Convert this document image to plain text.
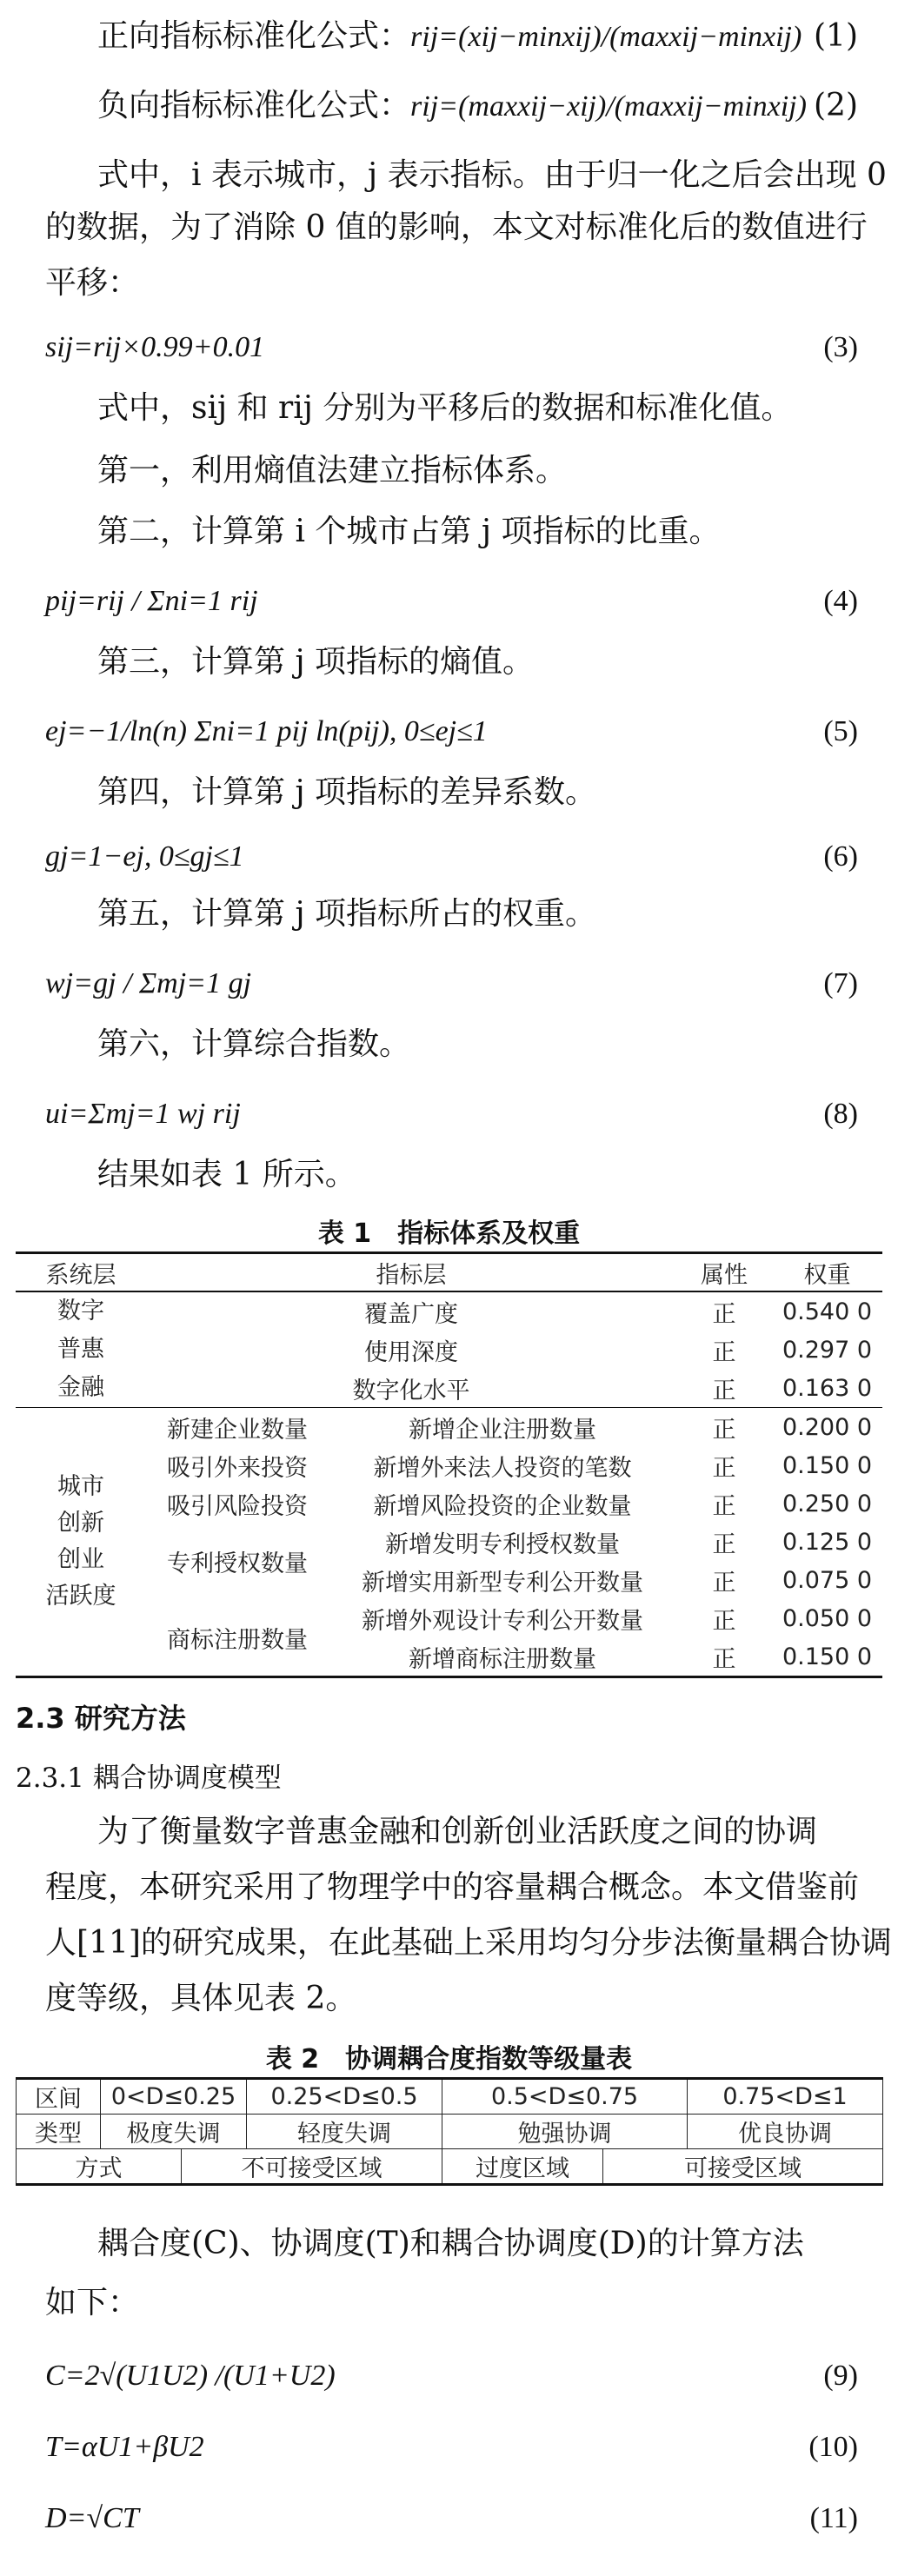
正向指标标准化公式：rij=(xij−minxij)/(maxxij−minxij) (1)
负向指标标准化公式：rij=(maxxij−xij)/(maxxij−minxij) (2)
式中，i 表示城市，j 表示指标。由于归一化之后会出现 0
的数据，为了消除 0 值的影响，本文对标准化后的数值进行
平移：
sij=rij×0.99+0.01	(3)
式中，sij 和 rij 分别为平移后的数据和标准化值。
第一，利用熵值法建立指标体系。
第二，计算第 i 个城市占第 j 项指标的比重。
pij=rij / Σni=1 rij	(4)
第三，计算第 j 项指标的熵值。
ej=−1/ln(n) Σni=1 pij ln(pij), 0≤ej≤1	(5)
第四，计算第 j 项指标的差异系数。
gj=1−ej, 0≤gj≤1	(6)
第五，计算第 j 项指标所占的权重。
wj=gj / Σmj=1 gj	(7)
第六，计算综合指数。
ui=Σmj=1 wj rij	(8)
结果如表 1 所示。
表 1　指标体系及权重
系统层	指标层		属性	权重

数字
普惠
金融	覆盖广度		正	0.540 0
	使用深度		正	0.297 0
	数字化水平		正	0.163 0

城市
创新
创业
活跃度	新建企业数量	新增企业注册数量	正	0.200 0
	吸引外来投资	新增外来法人投资的笔数	正	0.150 0
	吸引风险投资	新增风险投资的企业数量	正	0.250 0
	专利授权数量	新增发明专利授权数量	正	0.125 0
		新增实用新型专利公开数量	正	0.075 0
	商标注册数量	新增外观设计专利公开数量	正	0.050 0
		新增商标注册数量	正	0.150 0
2.3 研究方法
2.3.1 耦合协调度模型
为了衡量数字普惠金融和创新创业活跃度之间的协调
程度，本研究采用了物理学中的容量耦合概念。本文借鉴前
人[11]的研究成果，在此基础上采用均匀分步法衡量耦合协调
度等级，具体见表 2。
表 2　协调耦合度指数等级量表
区间	0<D≤0.25		0.25<D≤0.5	0.5<D≤0.75		0.75<D≤1
类型	极度失调		轻度失调	勉强协调		优良协调
方式		不可接受区域		过度区域	可接受区域	
耦合度(C)、协调度(T)和耦合协调度(D)的计算方法
如下：
C=2√(U1U2) /(U1+U2)	(9)
T=αU1+βU2	(10)
D=√CT	(11)
